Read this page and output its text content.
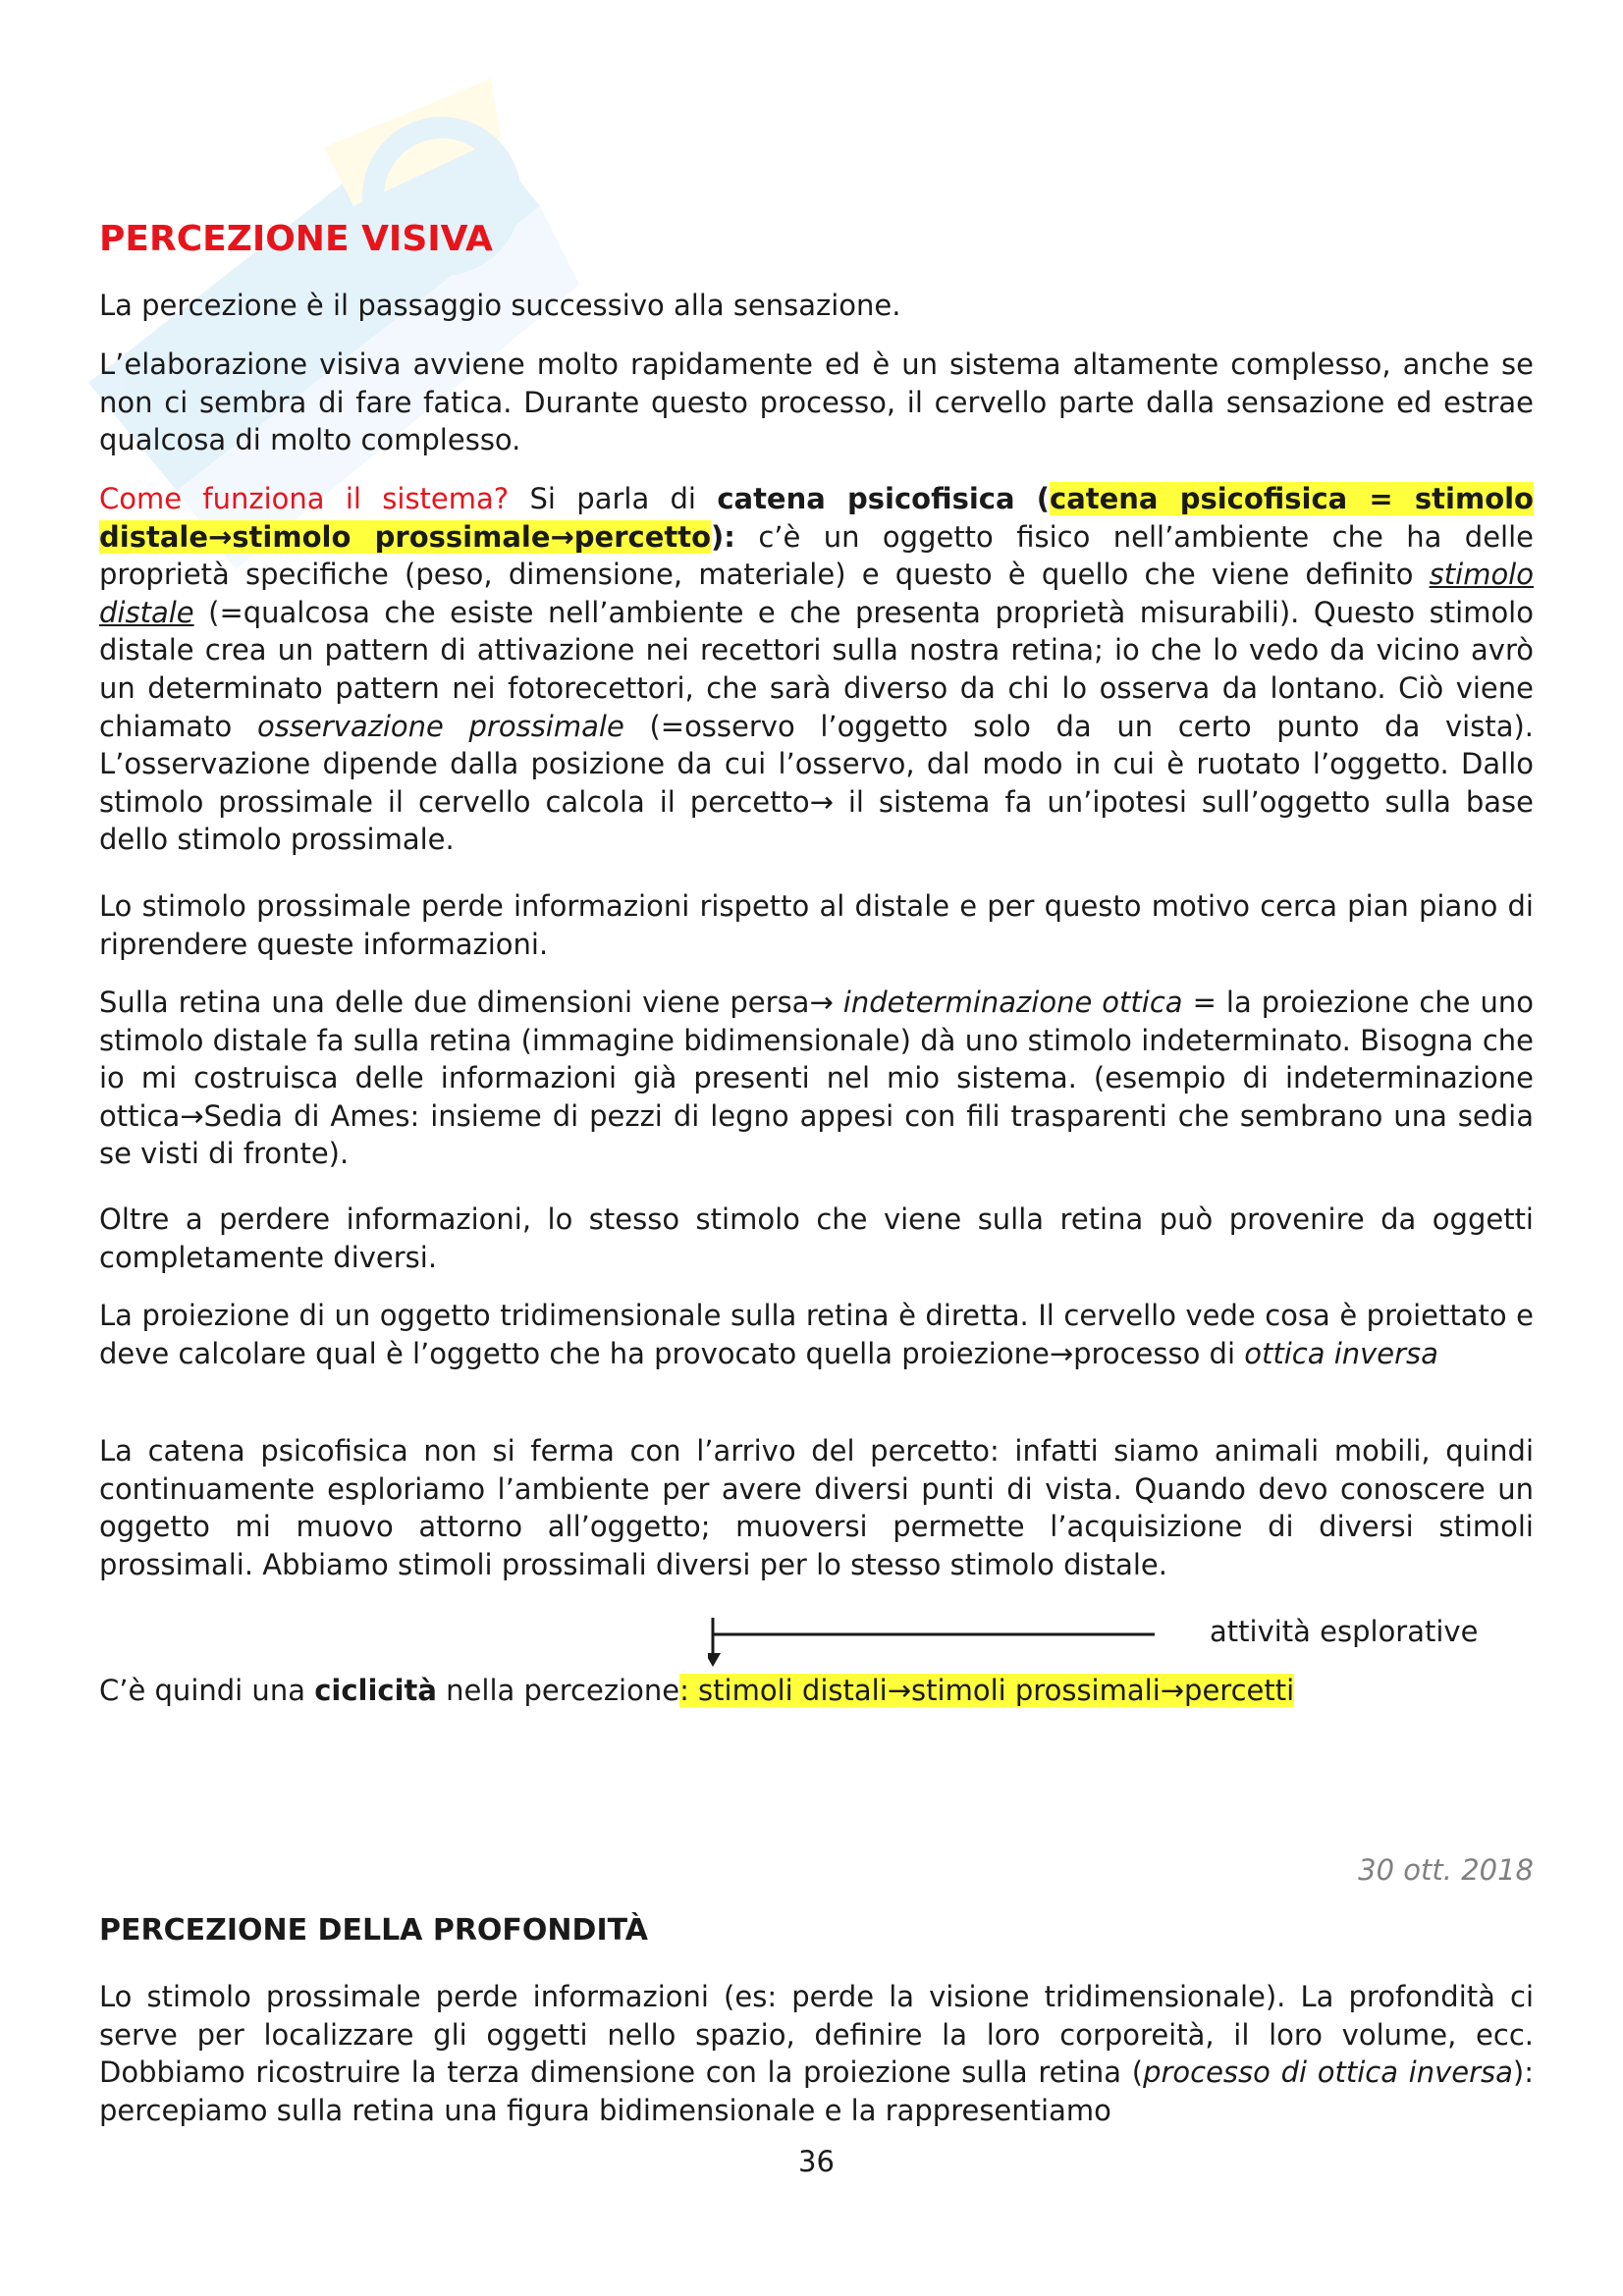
PERCEZIONE VISIVA

La percezione è il passaggio successivo alla sensazione.

L’elaborazione visiva avviene molto rapidamente ed è un sistema altamente complesso, anche se non ci sembra di fare fatica. Durante questo processo, il cervello parte dalla sensazione ed estrae qualcosa di molto complesso.

Come funziona il sistema? Si parla di catena psicofisica (catena psicofisica = stimolo distale→stimolo prossimale→percetto): c’è un oggetto fisico nell’ambiente che ha delle proprietà specifiche (peso, dimensione, materiale) e questo è quello che viene definito stimolo distale (=qualcosa che esiste nell’ambiente e che presenta proprietà misurabili). Questo stimolo distale crea un pattern di attivazione nei recettori sulla nostra retina; io che lo vedo da vicino avrò un determinato pattern nei fotorecettori, che sarà diverso da chi lo osserva da lontano. Ciò viene chiamato osservazione prossimale (=osservo l’oggetto solo da un certo punto da vista). L’osservazione dipende dalla posizione da cui l’osservo, dal modo in cui è ruotato l’oggetto. Dallo stimolo prossimale il cervello calcola il percetto→ il sistema fa un’ipotesi sull’oggetto sulla base dello stimolo prossimale.

Lo stimolo prossimale perde informazioni rispetto al distale e per questo motivo cerca pian piano di riprendere queste informazioni.

Sulla retina una delle due dimensioni viene persa→ indeterminazione ottica = la proiezione che uno stimolo distale fa sulla retina (immagine bidimensionale) dà uno stimolo indeterminato. Bisogna che io mi costruisca delle informazioni già presenti nel mio sistema. (esempio di indeterminazione ottica→Sedia di Ames: insieme di pezzi di legno appesi con fili trasparenti che sembrano una sedia se visti di fronte).

Oltre a perdere informazioni, lo stesso stimolo che viene sulla retina può provenire da oggetti completamente diversi.

La proiezione di un oggetto tridimensionale sulla retina è diretta. Il cervello vede cosa è proiettato e deve calcolare qual è l’oggetto che ha provocato quella proiezione→processo di ottica inversa

La catena psicofisica non si ferma con l’arrivo del percetto: infatti siamo animali mobili, quindi continuamente esploriamo l’ambiente per avere diversi punti di vista. Quando devo conoscere un oggetto mi muovo attorno all’oggetto; muoversi permette l’acquisizione di diversi stimoli prossimali. Abbiamo stimoli prossimali diversi per lo stesso stimolo distale.

attività esplorative

C’è quindi una ciclicità nella percezione: stimoli distali→stimoli prossimali→percetti

30 ott. 2018
PERCEZIONE DELLA PROFONDITÀ

Lo stimolo prossimale perde informazioni (es: perde la visione tridimensionale). La profondità ci serve per localizzare gli oggetti nello spazio, definire la loro corporeità, il loro volume, ecc. Dobbiamo ricostruire la terza dimensione con la proiezione sulla retina (processo di ottica inversa): percepiamo sulla retina una figura bidimensionale e la rappresentiamo

36
